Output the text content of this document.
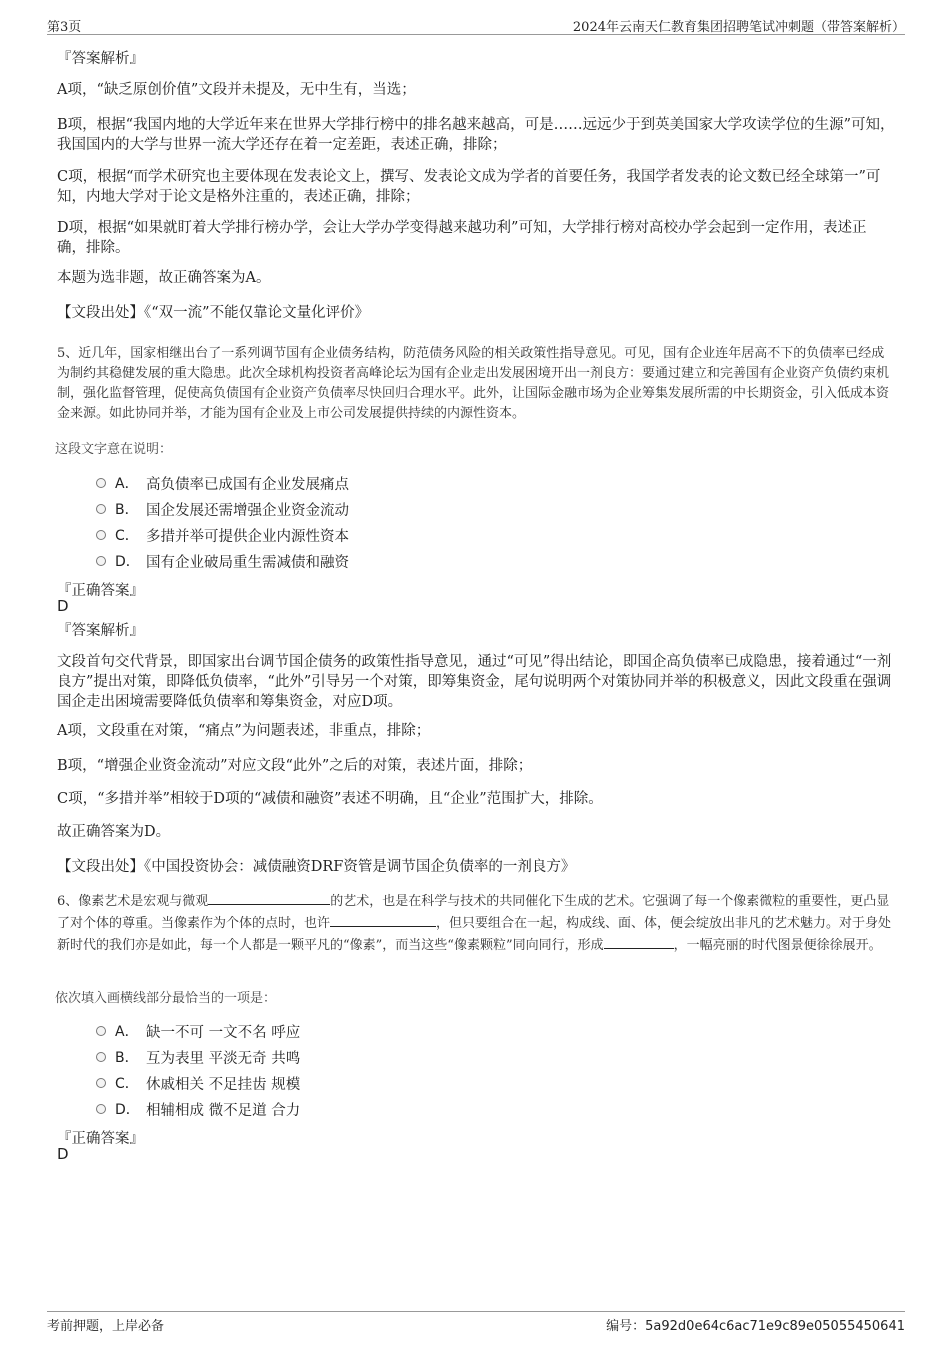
第3页	2024年云南天仁教育集团招聘笔试冲刺题（带答案解析）
『答案解析』
A项，“缺乏原创价值”文段并未提及，无中生有，当选；
B项，根据“我国内地的大学近年来在世界大学排行榜中的排名越来越高，可是……远远少于到英美国家大学攻读学位的生源”可知，我国国内的大学与世界一流大学还存在着一定差距，表述正确，排除；
C项，根据“而学术研究也主要体现在发表论文上，撰写、发表论文成为学者的首要任务，我国学者发表的论文数已经全球第一”可知，内地大学对于论文是格外注重的，表述正确，排除；
D项，根据“如果就盯着大学排行榜办学，会让大学办学变得越来越功利”可知，大学排行榜对高校办学会起到一定作用，表述正确，排除。
本题为选非题，故正确答案为A。
【文段出处】《“双一流”不能仅靠论文量化评价》
5、近几年，国家相继出台了一系列调节国有企业债务结构，防范债务风险的相关政策性指导意见。可见，国有企业连年居高不下的负债率已经成为制约其稳健发展的重大隐患。此次全球机构投资者高峰论坛为国有企业走出发展困境开出一剂良方：要通过建立和完善国有企业资产负债约束机制，强化监督管理，促使高负债国有企业资产负债率尽快回归合理水平。此外，让国际金融市场为企业筹集发展所需的中长期资金，引入低成本资金来源。如此协同并举，才能为国有企业及上市公司发展提供持续的内源性资本。
这段文字意在说明：
A． 高负债率已成国有企业发展痛点
B． 国企发展还需增强企业资金流动
C． 多措并举可提供企业内源性资本
D． 国有企业破局重生需减债和融资
『正确答案』
D
『答案解析』
文段首句交代背景，即国家出台调节国企债务的政策性指导意见，通过“可见”得出结论，即国企高负债率已成隐患，接着通过“一剂良方”提出对策，即降低负债率，“此外”引导另一个对策，即筹集资金，尾句说明两个对策协同并举的积极意义，因此文段重在强调国企走出困境需要降低负债率和筹集资金，对应D项。
A项，文段重在对策，“痛点”为问题表述，非重点，排除；
B项，“增强企业资金流动”对应文段“此外”之后的对策，表述片面，排除；
C项，“多措并举”相较于D项的“减债和融资”表述不明确，且“企业”范围扩大，排除。
故正确答案为D。
【文段出处】《中国投资协会：减债融资DRF资管是调节国企负债率的一剂良方》
6、像素艺术是宏观与微观	的艺术，也是在科学与技术的共同催化下生成的艺术。它强调了每一个像素微粒的重要性，更凸显了对个体的尊重。当像素作为个体的点时，也许	，但只要组合在一起，构成线、面、体，便会绽放出非凡的艺术魅力。对于身处新时代的我们亦是如此，每一个人都是一颗平凡的“像素”，而当这些“像素颗粒”同向同行，形成	，一幅亮丽的时代图景便徐徐展开。
依次填入画横线部分最恰当的一项是：
A． 缺一不可 一文不名 呼应
B． 互为表里 平淡无奇 共鸣
C． 休戚相关 不足挂齿 规模
D． 相辅相成 微不足道 合力
『正确答案』
D
考前押题，上岸必备	编号：5a92d0e64c6ac71e9c89e05055450641
